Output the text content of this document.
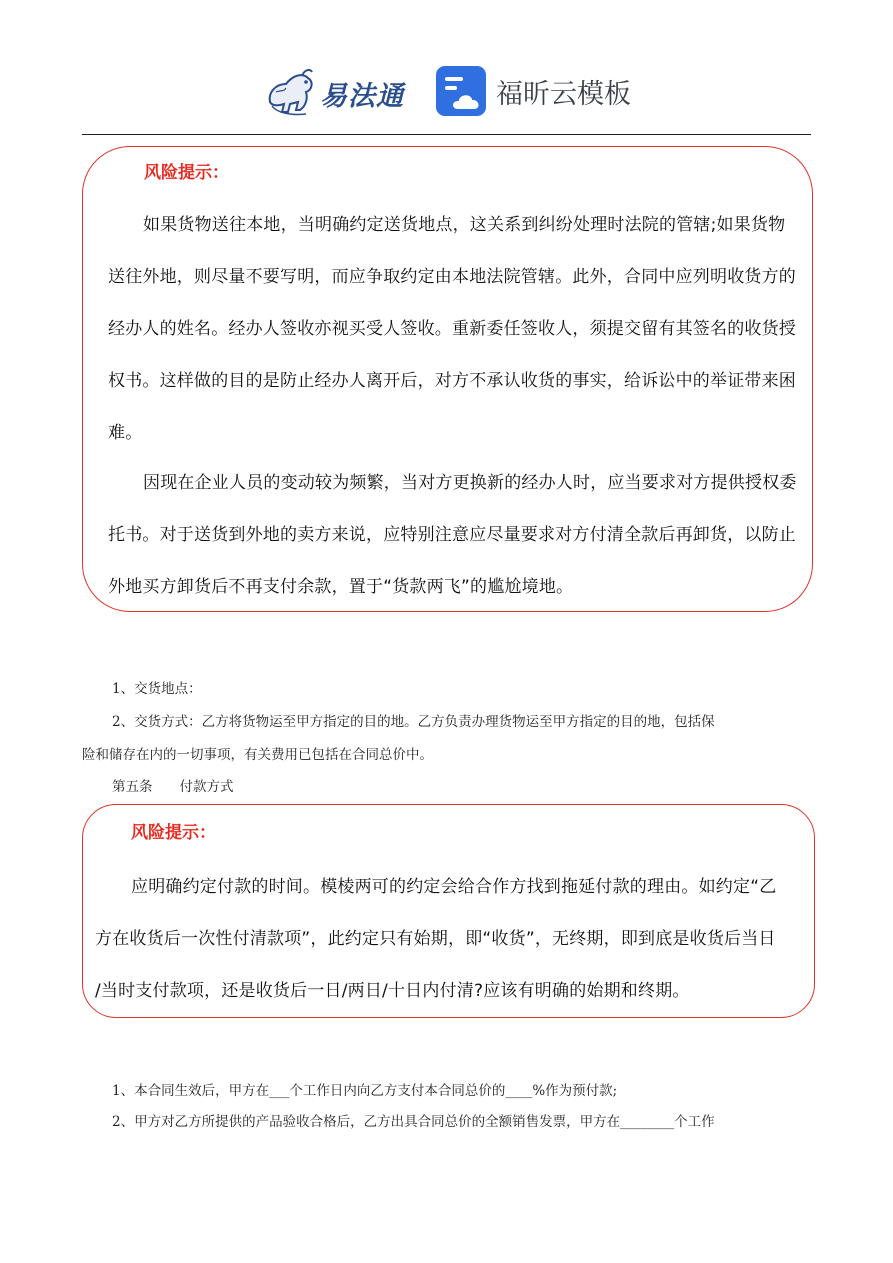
易法通	福昕云模板
风险提示：
如果货物送往本地，当明确约定送货地点，这关系到纠纷处理时法院的管辖;如果货物
送往外地，则尽量不要写明，而应争取约定由本地法院管辖。此外，合同中应列明收货方的
经办人的姓名。经办人签收亦视买受人签收。重新委任签收人，须提交留有其签名的收货授
权书。这样做的目的是防止经办人离开后，对方不承认收货的事实，给诉讼中的举证带来困
难。
因现在企业人员的变动较为频繁，当对方更换新的经办人时，应当要求对方提供授权委
托书。对于送货到外地的卖方来说，应特别注意应尽量要求对方付清全款后再卸货，以防止
外地买方卸货后不再支付余款，置于“货款两飞”的尴尬境地。
1、交货地点：
2、交货方式：乙方将货物运至甲方指定的目的地。乙方负责办理货物运至甲方指定的目的地，包括保
险和储存在内的一切事项，有关费用已包括在合同总价中。
第五条　　付款方式
风险提示：
应明确约定付款的时间。模棱两可的约定会给合作方找到拖延付款的理由。如约定“乙
方在收货后一次性付清款项”，此约定只有始期，即“收货”，无终期，即到底是收货后当日
/当时支付款项，还是收货后一日/两日/十日内付清?应该有明确的始期和终期。
1、本合同生效后，甲方在___个工作日内向乙方支付本合同总价的____%作为预付款;
2、甲方对乙方所提供的产品验收合格后，乙方出具合同总价的全额销售发票，甲方在________个工作
